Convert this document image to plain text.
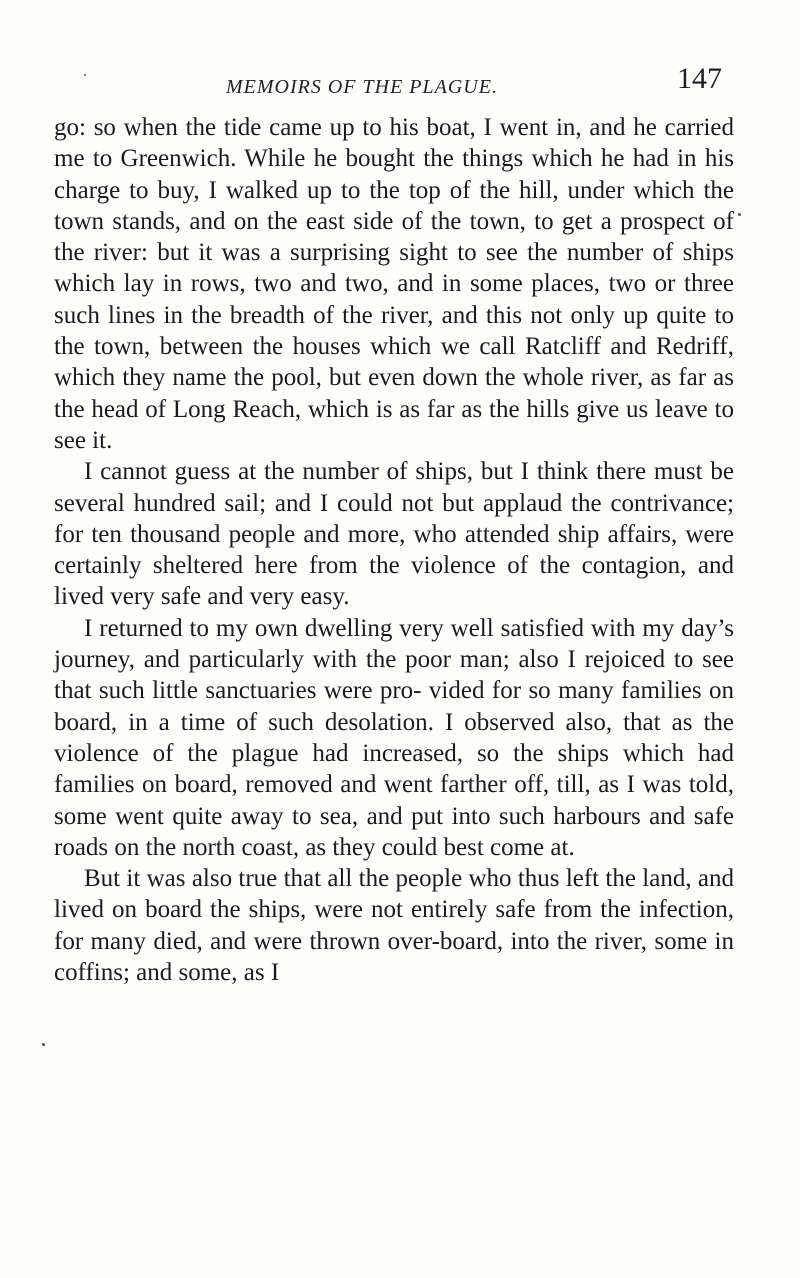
MEMOIRS OF THE PLAGUE.	147

go: so when the tide came up to his boat, I went in, and he carried me to Greenwich. While he bought the things which he had in his charge to buy, I walked up to the top of the hill, under which the town stands, and on the east side of the town, to get a prospect of the river: but it was a surprising sight to see the number of ships which lay in rows, two and two, and in some places, two or three such lines in the breadth of the river, and this not only up quite to the town, between the houses which we call Ratcliff and Redriff, which they name the pool, but even down the whole river, as far as the head of Long Reach, which is as far as the hills give us leave to see it.

I cannot guess at the number of ships, but I think there must be several hundred sail; and I could not but applaud the contrivance; for ten thousand people and more, who attended ship affairs, were certainly sheltered here from the violence of the contagion, and lived very safe and very easy.

I returned to my own dwelling very well satisfied with my day’s journey, and particularly with the poor man; also I rejoiced to see that such little sanctuaries were pro- vided for so many families on board, in a time of such desolation. I observed also, that as the violence of the plague had increased, so the ships which had families on board, removed and went farther off, till, as I was told, some went quite away to sea, and put into such harbours and safe roads on the north coast, as they could best come at.

But it was also true that all the people who thus left the land, and lived on board the ships, were not entirely safe from the infection, for many died, and were thrown over-board, into the river, some in coffins; and some, as I
